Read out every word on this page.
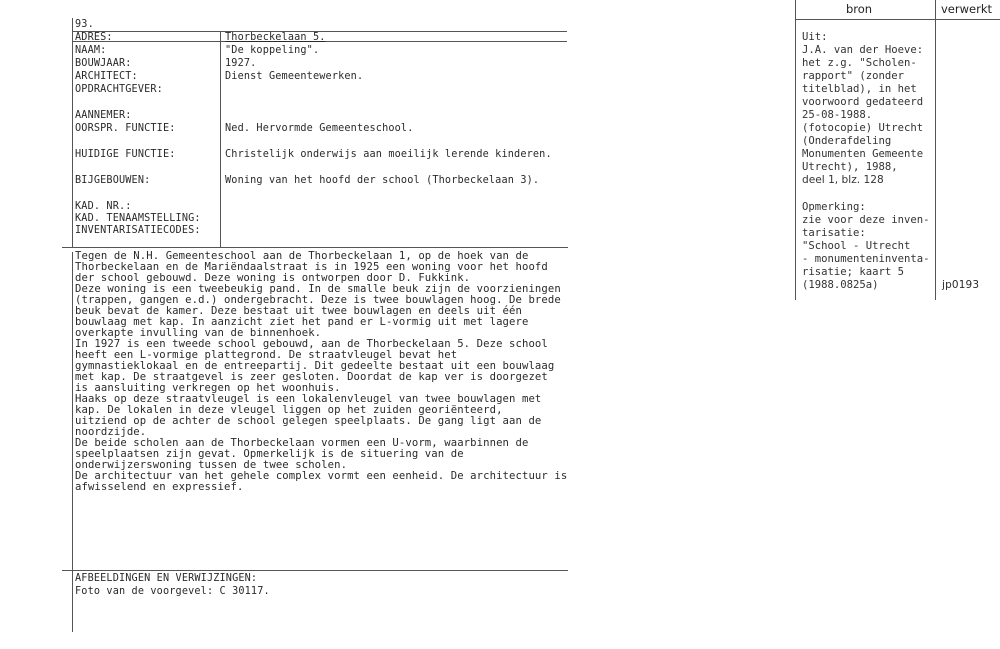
93.
ADRES:
NAAM:
BOUWJAAR:
ARCHITECT:
OPDRACHTGEVER:
AANNEMER:
OORSPR. FUNCTIE:
HUIDIGE FUNCTIE:
BIJGEBOUWEN:
KAD. NR.:
KAD. TENAAMSTELLING:
INVENTARISATIECODES:
Thorbeckelaan 5.
"De koppeling".
1927.
Dienst Gemeentewerken.
Ned. Hervormde Gemeenteschool.
Christelijk onderwijs aan moeilijk lerende kinderen.
Woning van het hoofd der school (Thorbeckelaan 3).
Tegen de N.H. Gemeenteschool aan de Thorbeckelaan 1, op de hoek van de
Thorbeckelaan en de Mariëndaalstraat is in 1925 een woning voor het hoofd
der school gebouwd. Deze woning is ontworpen door D. Fukkink.
Deze woning is een tweebeukig pand. In de smalle beuk zijn de voorzieningen
(trappen, gangen e.d.) ondergebracht. Deze is twee bouwlagen hoog. De brede
beuk bevat de kamer. Deze bestaat uit twee bouwlagen en deels uit één
bouwlaag met kap. In aanzicht ziet het pand er L-vormig uit met lagere
overkapte invulling van de binnenhoek.
In 1927 is een tweede school gebouwd, aan de Thorbeckelaan 5. Deze school
heeft een L-vormige plattegrond. De straatvleugel bevat het
gymnastieklokaal en de entreepartij. Dit gedeelte bestaat uit een bouwlaag
met kap. De straatgevel is zeer gesloten. Doordat de kap ver is doorgezet
is aansluiting verkregen op het woonhuis.
Haaks op deze straatvleugel is een lokalenvleugel van twee bouwlagen met
kap. De lokalen in deze vleugel liggen op het zuiden georiënteerd,
uitziend op de achter de school gelegen speelplaats. De gang ligt aan de
noordzijde.
De beide scholen aan de Thorbeckelaan vormen een U-vorm, waarbinnen de
speelplaatsen zijn gevat. Opmerkelijk is de situering van de
onderwijzerswoning tussen de twee scholen.
De architectuur van het gehele complex vormt een eenheid. De architectuur is
afwisselend en expressief.
AFBEELDINGEN EN VERWIJZINGEN:
Foto van de voorgevel: C 30117.
bron	verwerkt
Uit:
J.A. van der Hoeve:
het z.g. "Scholen-
rapport" (zonder
titelblad), in het
voorwoord gedateerd
25-08-1988.
(fotocopie) Utrecht
(Onderafdeling
Monumenten Gemeente
Utrecht), 1988,
deel 1, blz. 128
Opmerking:
zie voor deze inven-
tarisatie:
"School - Utrecht
- monumenteninventa-
risatie; kaart 5
(1988.0825a)	jp0193
